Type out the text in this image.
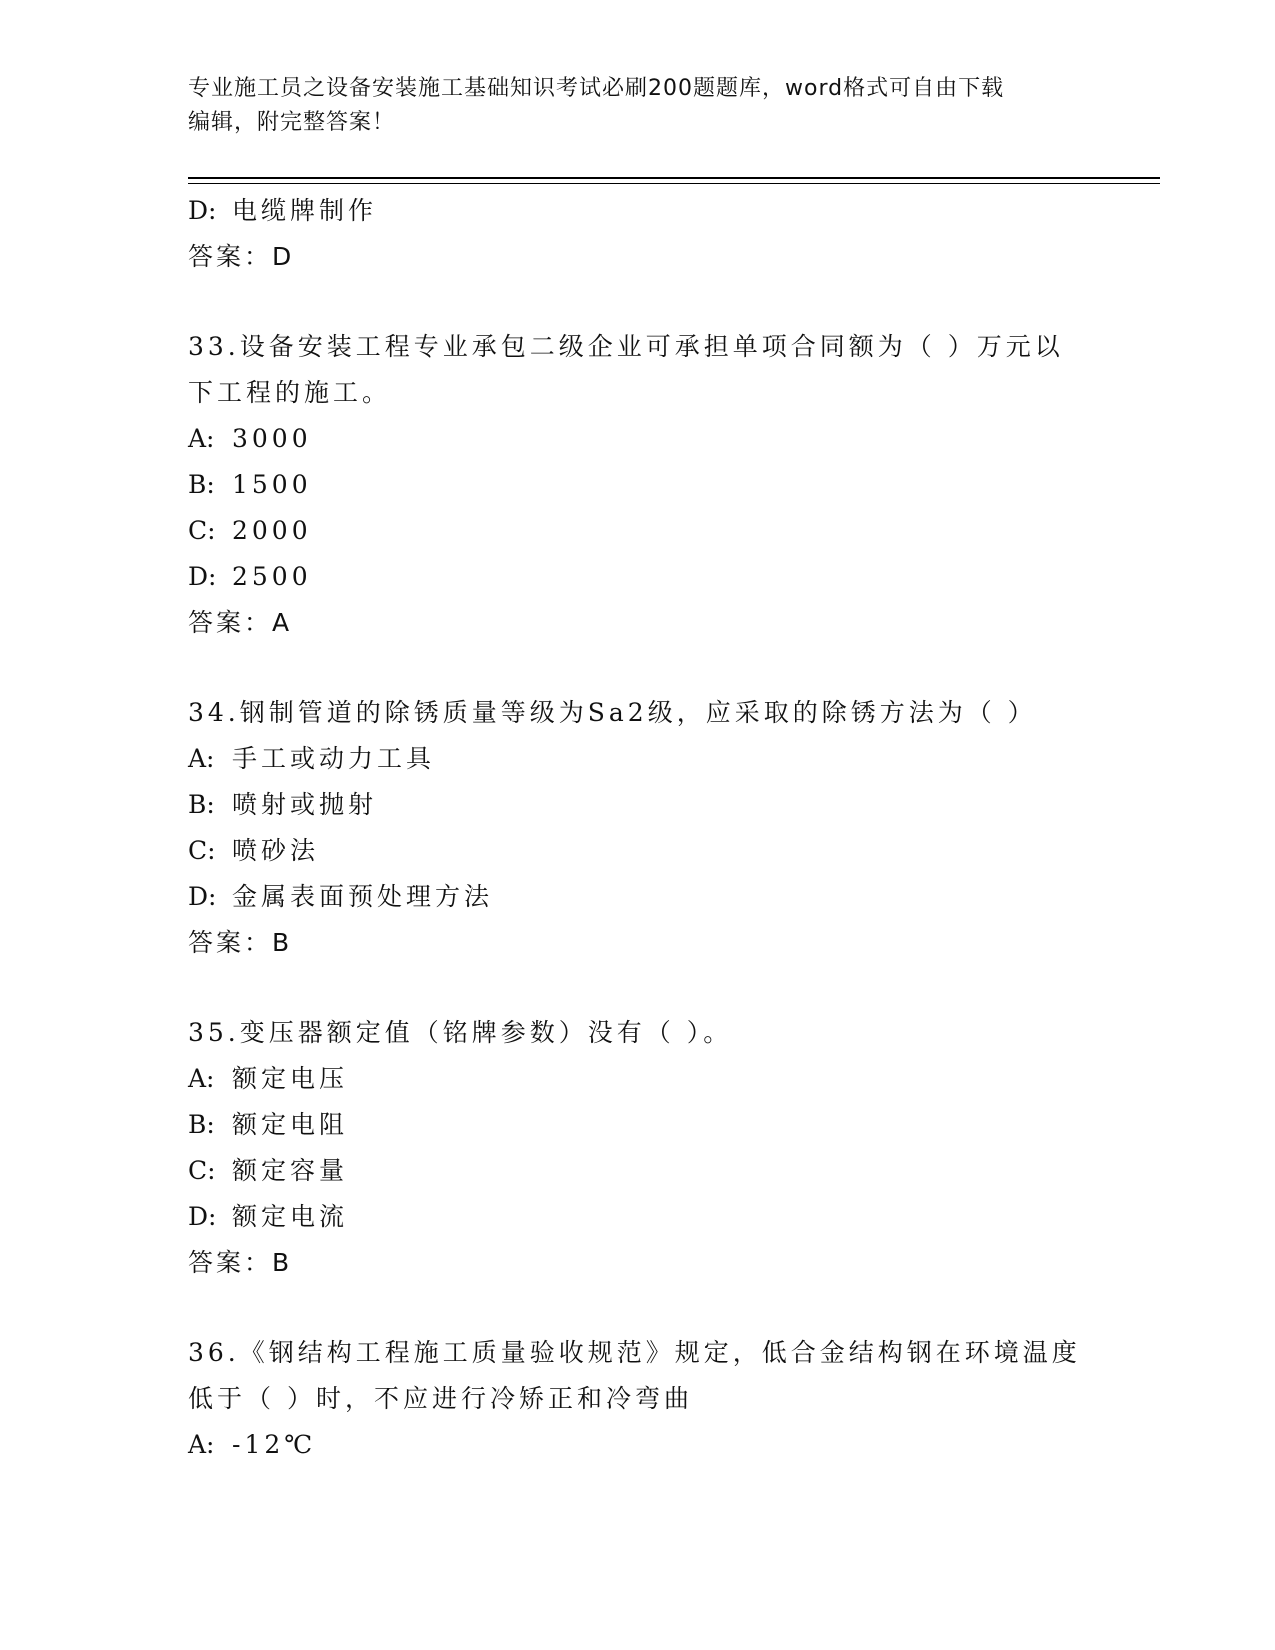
专业施工员之设备安装施工基础知识考试必刷200题题库，word格式可自由下载
编辑，附完整答案！
D: 电缆牌制作
答案：D
33.设备安装工程专业承包二级企业可承担单项合同额为（ ）万元以
下工程的施工。
A: 3000
B: 1500
C: 2000
D: 2500
答案：A
34.钢制管道的除锈质量等级为Sa2级，应采取的除锈方法为（ ）
A: 手工或动力工具
B: 喷射或抛射
C: 喷砂法
D: 金属表面预处理方法
答案：B
35.变压器额定值（铭牌参数）没有（ ）。
A: 额定电压
B: 额定电阻
C: 额定容量
D: 额定电流
答案：B
36.《钢结构工程施工质量验收规范》规定，低合金结构钢在环境温度
低于（ ）时，不应进行冷矫正和冷弯曲
A: -12℃
